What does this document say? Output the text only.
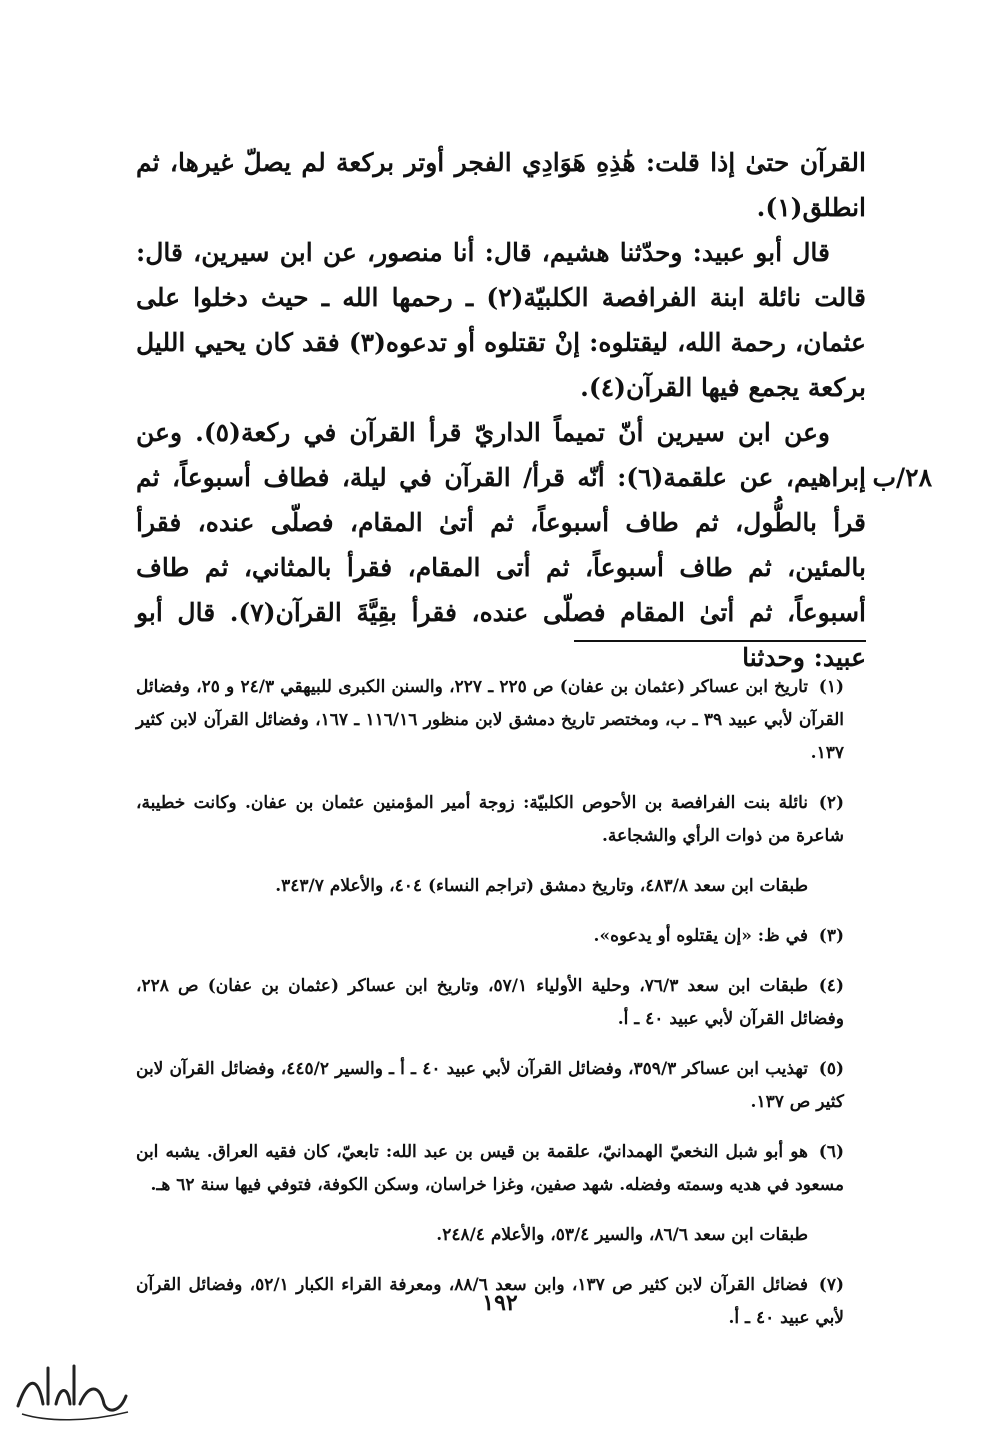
القرآن حتىٰ إذا قلت: هَٰذِهِ هَوَادِي الفجر أوتر بركعة لم يصلّ غيرها، ثم انطلق(١).

قال أبو عبيد: وحدّثنا هشيم، قال: أنا منصور، عن ابن سيرين، قال: قالت نائلة ابنة الفرافصة الكلبيّة(٢) ـ رحمها الله ـ حيث دخلوا على عثمان، رحمة الله، ليقتلوه: إنْ تقتلوه أو تدعوه(٣) فقد كان يحيي الليل بركعة يجمع فيها القرآن(٤).

وعن ابن سيرين أنّ تميماً الداريّ قرأ القرآن في ركعة(٥). وعن إبراهيم، عن علقمة(٦): أنّه قرأ/ القرآن في ليلة، فطاف أسبوعاً، ثم قرأ بالطُّول، ثم طاف أسبوعاً، ثم أتىٰ المقام، فصلّى عنده، فقرأ بالمئين، ثم طاف أسبوعاً، ثم أتى المقام، فقرأ بالمثاني، ثم طاف أسبوعاً، ثم أتىٰ المقام فصلّى عنده، فقرأ بقِيَّةَ القرآن(٧). قال أبو عبيد: وحدثنا

٢٨/ب

(١)تاريخ ابن عساكر (عثمان بن عفان) ص ٢٢٥ ـ ٢٢٧، والسنن الكبرى للبيهقي ٢٤/٣ و ٢٥، وفضائل القرآن لأبي عبيد ٣٩ ـ ب، ومختصر تاريخ دمشق لابن منظور ١١٦/١٦ ـ ١٦٧، وفضائل القرآن لابن كثير ١٣٧.

(٢)نائلة بنت الفرافصة بن الأحوص الكلبيّة: زوجة أمير المؤمنين عثمان بن عفان. وكانت خطيبة، شاعرة من ذوات الرأي والشجاعة.

طبقات ابن سعد ٤٨٣/٨، وتاريخ دمشق (تراجم النساء) ٤٠٤، والأعلام ٣٤٣/٧.

(٣)في ظ: «إن يقتلوه أو يدعوه».

(٤)طبقات ابن سعد ٧٦/٣، وحلية الأولياء ٥٧/١، وتاريخ ابن عساكر (عثمان بن عفان) ص ٢٢٨، وفضائل القرآن لأبي عبيد ٤٠ ـ أ.

(٥)تهذيب ابن عساكر ٣٥٩/٣، وفضائل القرآن لأبي عبيد ٤٠ ـ أ ـ والسير ٤٤٥/٢، وفضائل القرآن لابن كثير ص ١٣٧.

(٦)هو أبو شبل النخعيّ الهمدانيّ، علقمة بن قيس بن عبد الله: تابعيّ، كان فقيه العراق. يشبه ابن مسعود في هديه وسمته وفضله. شهد صفين، وغزا خراسان، وسكن الكوفة، فتوفي فيها سنة ٦٢ هـ.

طبقات ابن سعد ٨٦/٦، والسير ٥٣/٤، والأعلام ٢٤٨/٤.

(٧)فضائل القرآن لابن كثير ص ١٣٧، وابن سعد ٨٨/٦، ومعرفة القراء الكبار ٥٢/١، وفضائل القرآن لأبي عبيد ٤٠ ـ أ.

١٩٢
